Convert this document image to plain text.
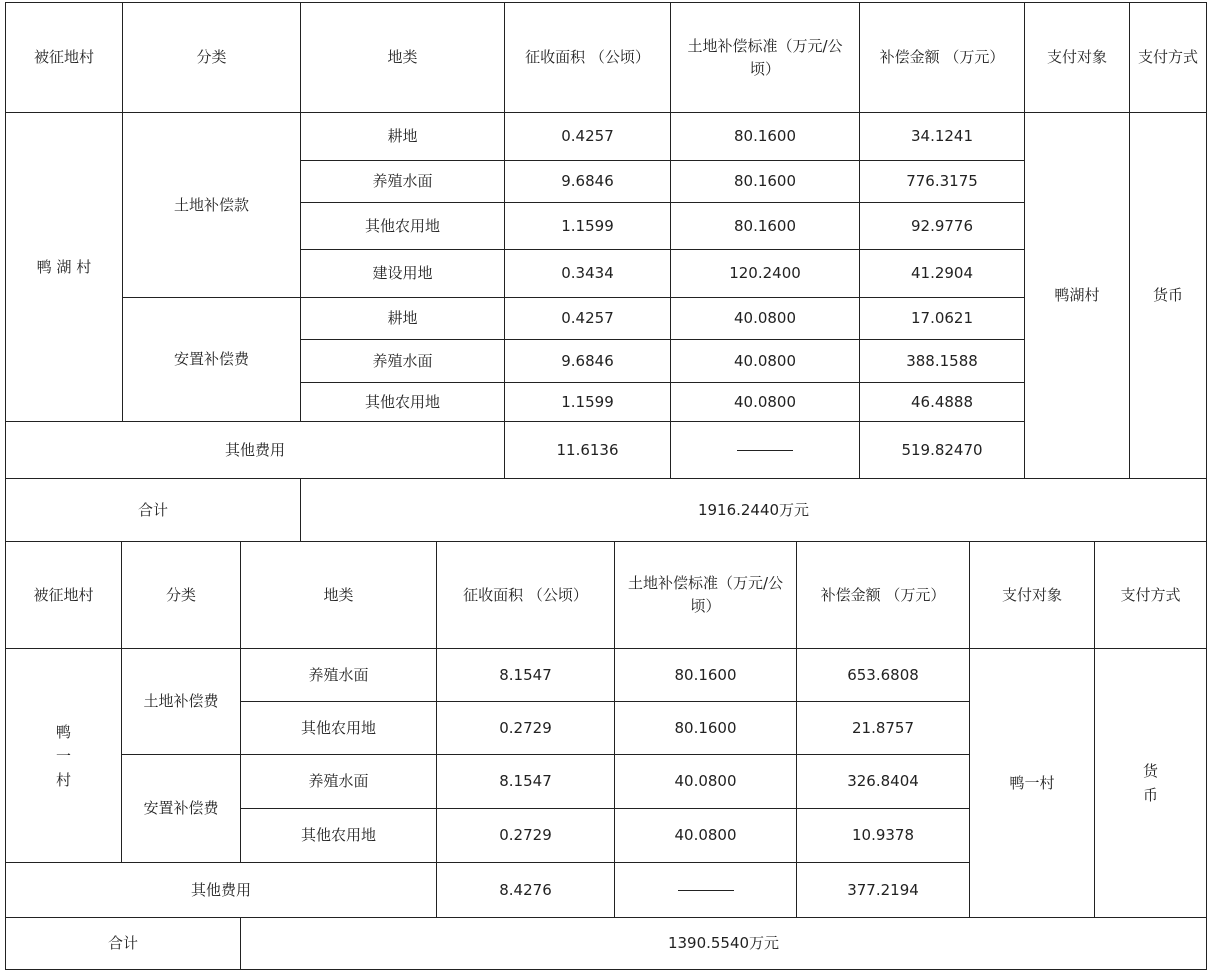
被征地村	分类	地类	征收面积 （公顷）	土地补偿标准（万元/公顷）	补偿金额 （万元）	支付对象	支付方式
鸭 湖 村	土地补偿款	耕地	0.4257	80.1600	34.1241	鸭湖村	货币
		养殖水面	9.6846	80.1600	776.3175		
		其他农用地	1.1599	80.1600	92.9776		
		建设用地	0.3434	120.2400	41.2904		
	安置补偿费	耕地	0.4257	40.0800	17.0621		
		养殖水面	9.6846	40.0800	388.1588		
		其他农用地	1.1599	40.0800	46.4888		
其他费用			11.6136		519.82470		
合计		1916.2440万元					
被征地村	分类	地类	征收面积 （公顷）	土地补偿标准（万元/公顷）	补偿金额 （万元）	支付对象	支付方式
鸭一村	土地补偿费	养殖水面	8.1547	80.1600	653.6808	鸭一村	货币
		其他农用地	0.2729	80.1600	21.8757		
	安置补偿费	养殖水面	8.1547	40.0800	326.8404		
		其他农用地	0.2729	40.0800	10.9378		
其他费用			8.4276		377.2194		
合计		1390.5540万元					
